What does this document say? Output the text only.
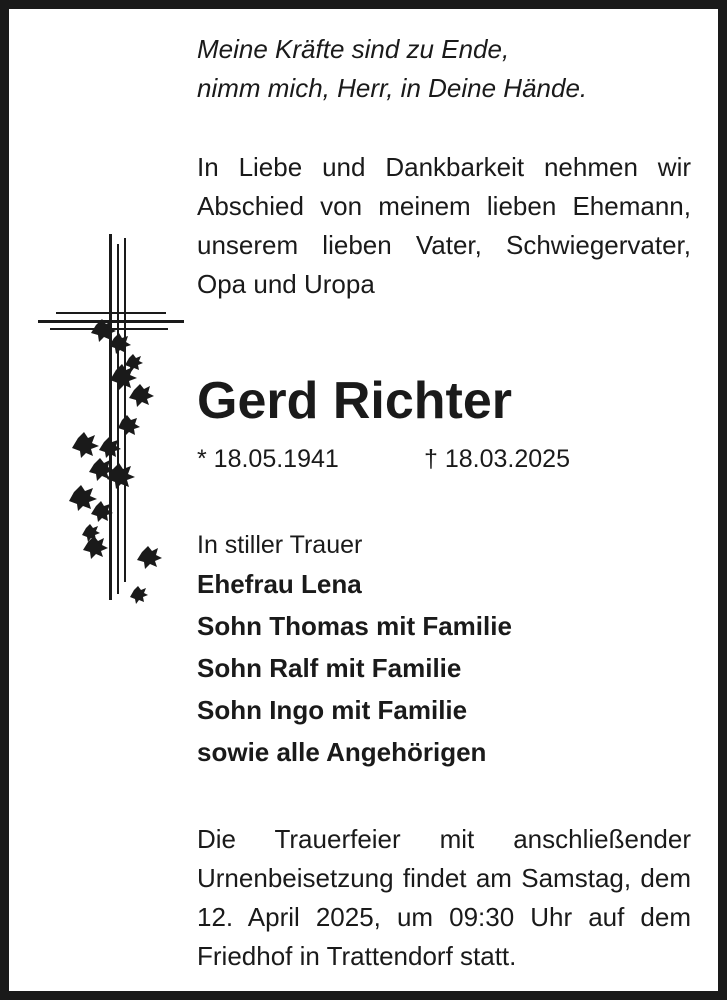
Meine Kräfte sind zu Ende,
nimm mich, Herr, in Deine Hände.
In Liebe und Dankbarkeit nehmen wir
Abschied von meinem lieben Ehemann,
unserem lieben Vater, Schwiegervater,
Opa und Uropa
Gerd Richter
* 18.05.1941	† 18.03.2025
In stiller Trauer
Ehefrau Lena
Sohn Thomas mit Familie
Sohn Ralf mit Familie
Sohn Ingo mit Familie
sowie alle Angehörigen
Die Trauerfeier mit anschließender
Urnenbeisetzung findet am Samstag, dem
12. April 2025, um 09:30 Uhr auf dem
Friedhof in Trattendorf statt.
